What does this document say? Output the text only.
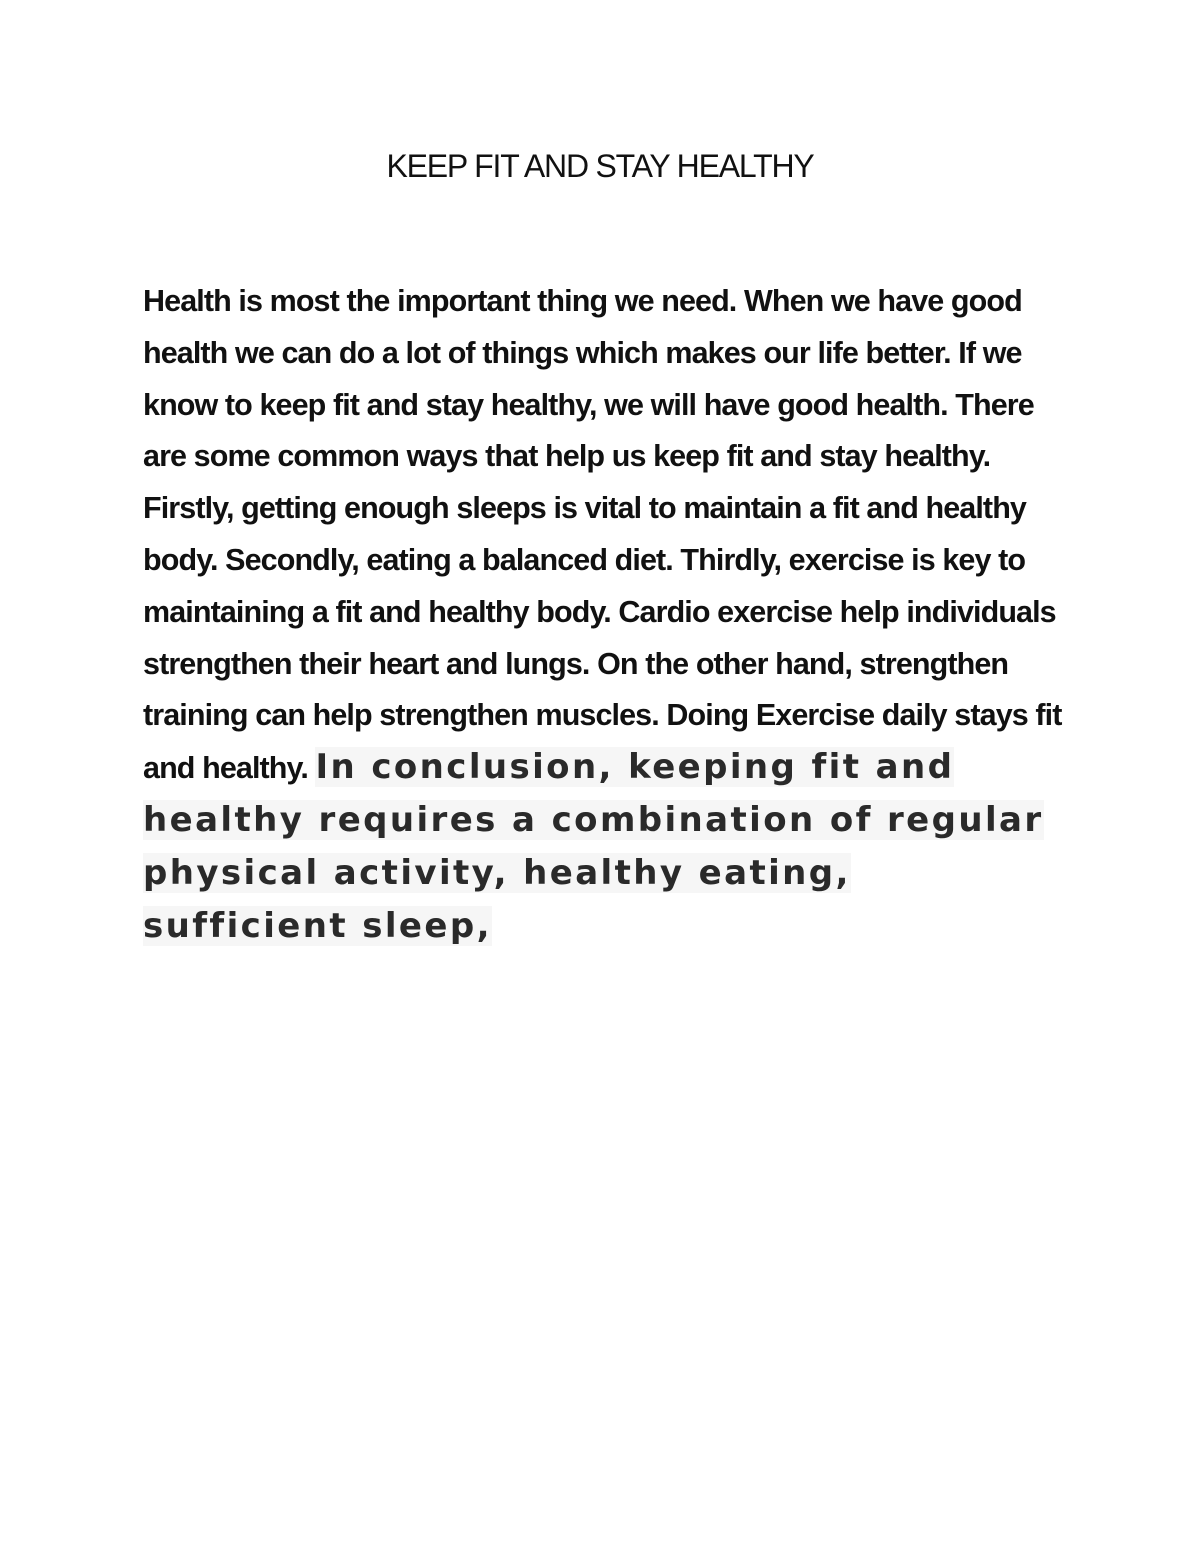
KEEP FIT AND STAY HEALTHY

Health is most the important thing we need. When we have good health we can do a lot of things which makes our life better. If we know to keep fit and stay healthy, we will have good health. There are some common ways that help us keep fit and stay healthy. Firstly, getting enough sleeps is vital to maintain a fit and healthy body. Secondly, eating a balanced diet. Thirdly, exercise is key to maintaining a fit and healthy body. Cardio exercise help individuals strengthen their heart and lungs. On the other hand, strengthen training can help strengthen muscles. Doing Exercise daily stays fit and healthy. In conclusion, keeping fit and healthy requires a combination of regular physical activity, healthy eating, sufficient sleep,
